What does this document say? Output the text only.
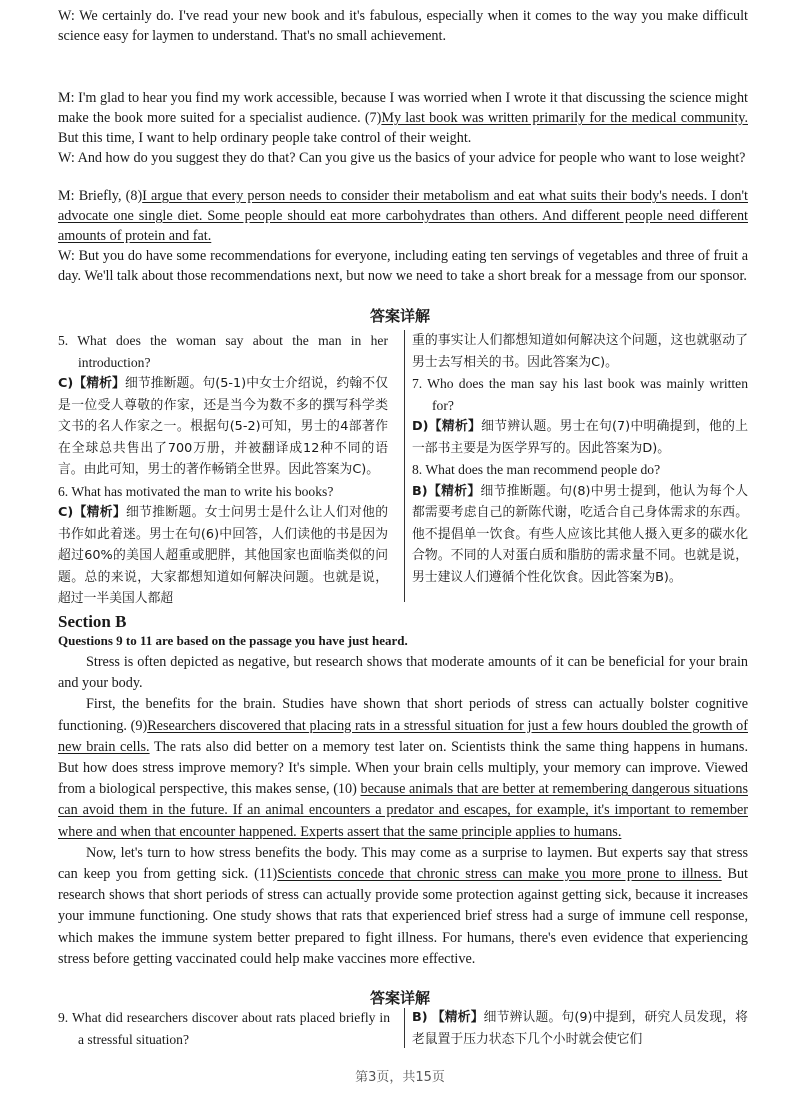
W: We certainly do. I've read your new book and it's fabulous, especially when it comes to the way you make difficult science easy for laymen to understand. That's no small achievement.
M: I'm glad to hear you find my work accessible, because I was worried when I wrote it that discussing the science might make the book more suited for a specialist audience. (7)My last book was written primarily for the medical community. But this time, I want to help ordinary people take control of their weight.
W: And how do you suggest they do that? Can you give us the basics of your advice for people who want to lose weight?
M: Briefly, (8)I argue that every person needs to consider their metabolism and eat what suits their body's needs. I don't advocate one single diet. Some people should eat more carbohydrates than others. And different people need different amounts of protein and fat.
W: But you do have some recommendations for everyone, including eating ten servings of vegetables and three of fruit a day. We'll talk about those recommendations next, but now we need to take a short break for a message from our sponsor.
答案详解

5. What does the woman say about the man in her introduction?

C)【精析】细节推断题。句(5-1)中女士介绍说，约翰不仅是一位受人尊敬的作家，还是当今为数不多的撰写科学类文书的名人作家之一。根据句(5-2)可知，男士的4部著作在全球总共售出了700万册，并被翻译成12种不同的语言。由此可知，男士的著作畅销全世界。因此答案为C)。

6. What has motivated the man to write his books?

C)【精析】细节推断题。女士问男士是什么让人们对他的书作如此着迷。男士在句(6)中回答，人们读他的书是因为超过60%的美国人超重或肥胖，其他国家也面临类似的问题。总的来说，大家都想知道如何解决问题。也就是说，超过一半美国人都超

重的事实让人们都想知道如何解决这个问题，这也就驱动了男士去写相关的书。因此答案为C)。

7. Who does the man say his last book was mainly written for?

D)【精析】细节辨认题。男士在句(7)中明确提到，他的上一部书主要是为医学界写的。因此答案为D)。

8. What does the man recommend people do?

B)【精析】细节推断题。句(8)中男士提到，他认为每个人都需要考虑自己的新陈代谢，吃适合自己身体需求的东西。他不提倡单一饮食。有些人应该比其他人摄入更多的碳水化合物。不同的人对蛋白质和脂肪的需求量不同。也就是说，男士建议人们遵循个性化饮食。因此答案为B)。

Section B
Questions 9 to 11 are based on the passage you have just heard.

Stress is often depicted as negative, but research shows that moderate amounts of it can be beneficial for your brain and your body.

First, the benefits for the brain. Studies have shown that short periods of stress can actually bolster cognitive functioning. (9)Researchers discovered that placing rats in a stressful situation for just a few hours doubled the growth of new brain cells. The rats also did better on a memory test later on. Scientists think the same thing happens in humans. But how does stress improve memory? It's simple. When your brain cells multiply, your memory can improve. Viewed from a biological perspective, this makes sense, (10) because animals that are better at remembering dangerous situations can avoid them in the future. If an animal encounters a predator and escapes, for example, it's important to remember where and when that encounter happened. Experts assert that the same principle applies to humans.

Now, let's turn to how stress benefits the body. This may come as a surprise to laymen. But experts say that stress can keep you from getting sick. (11)Scientists concede that chronic stress can make you more prone to illness. But research shows that short periods of stress can actually provide some protection against getting sick, because it increases your immune functioning. One study shows that rats that experienced brief stress had a surge of immune cell response, which makes the immune system better prepared to fight illness. For humans, there's even evidence that experiencing stress before getting vaccinated could help make vaccines more effective.

答案详解

9. What did researchers discover about rats placed briefly in a stressful situation?

B) 【精析】细节辨认题。句(9)中提到，研究人员发现，将老鼠置于压力状态下几个小时就会使它们

第3页，共15页
